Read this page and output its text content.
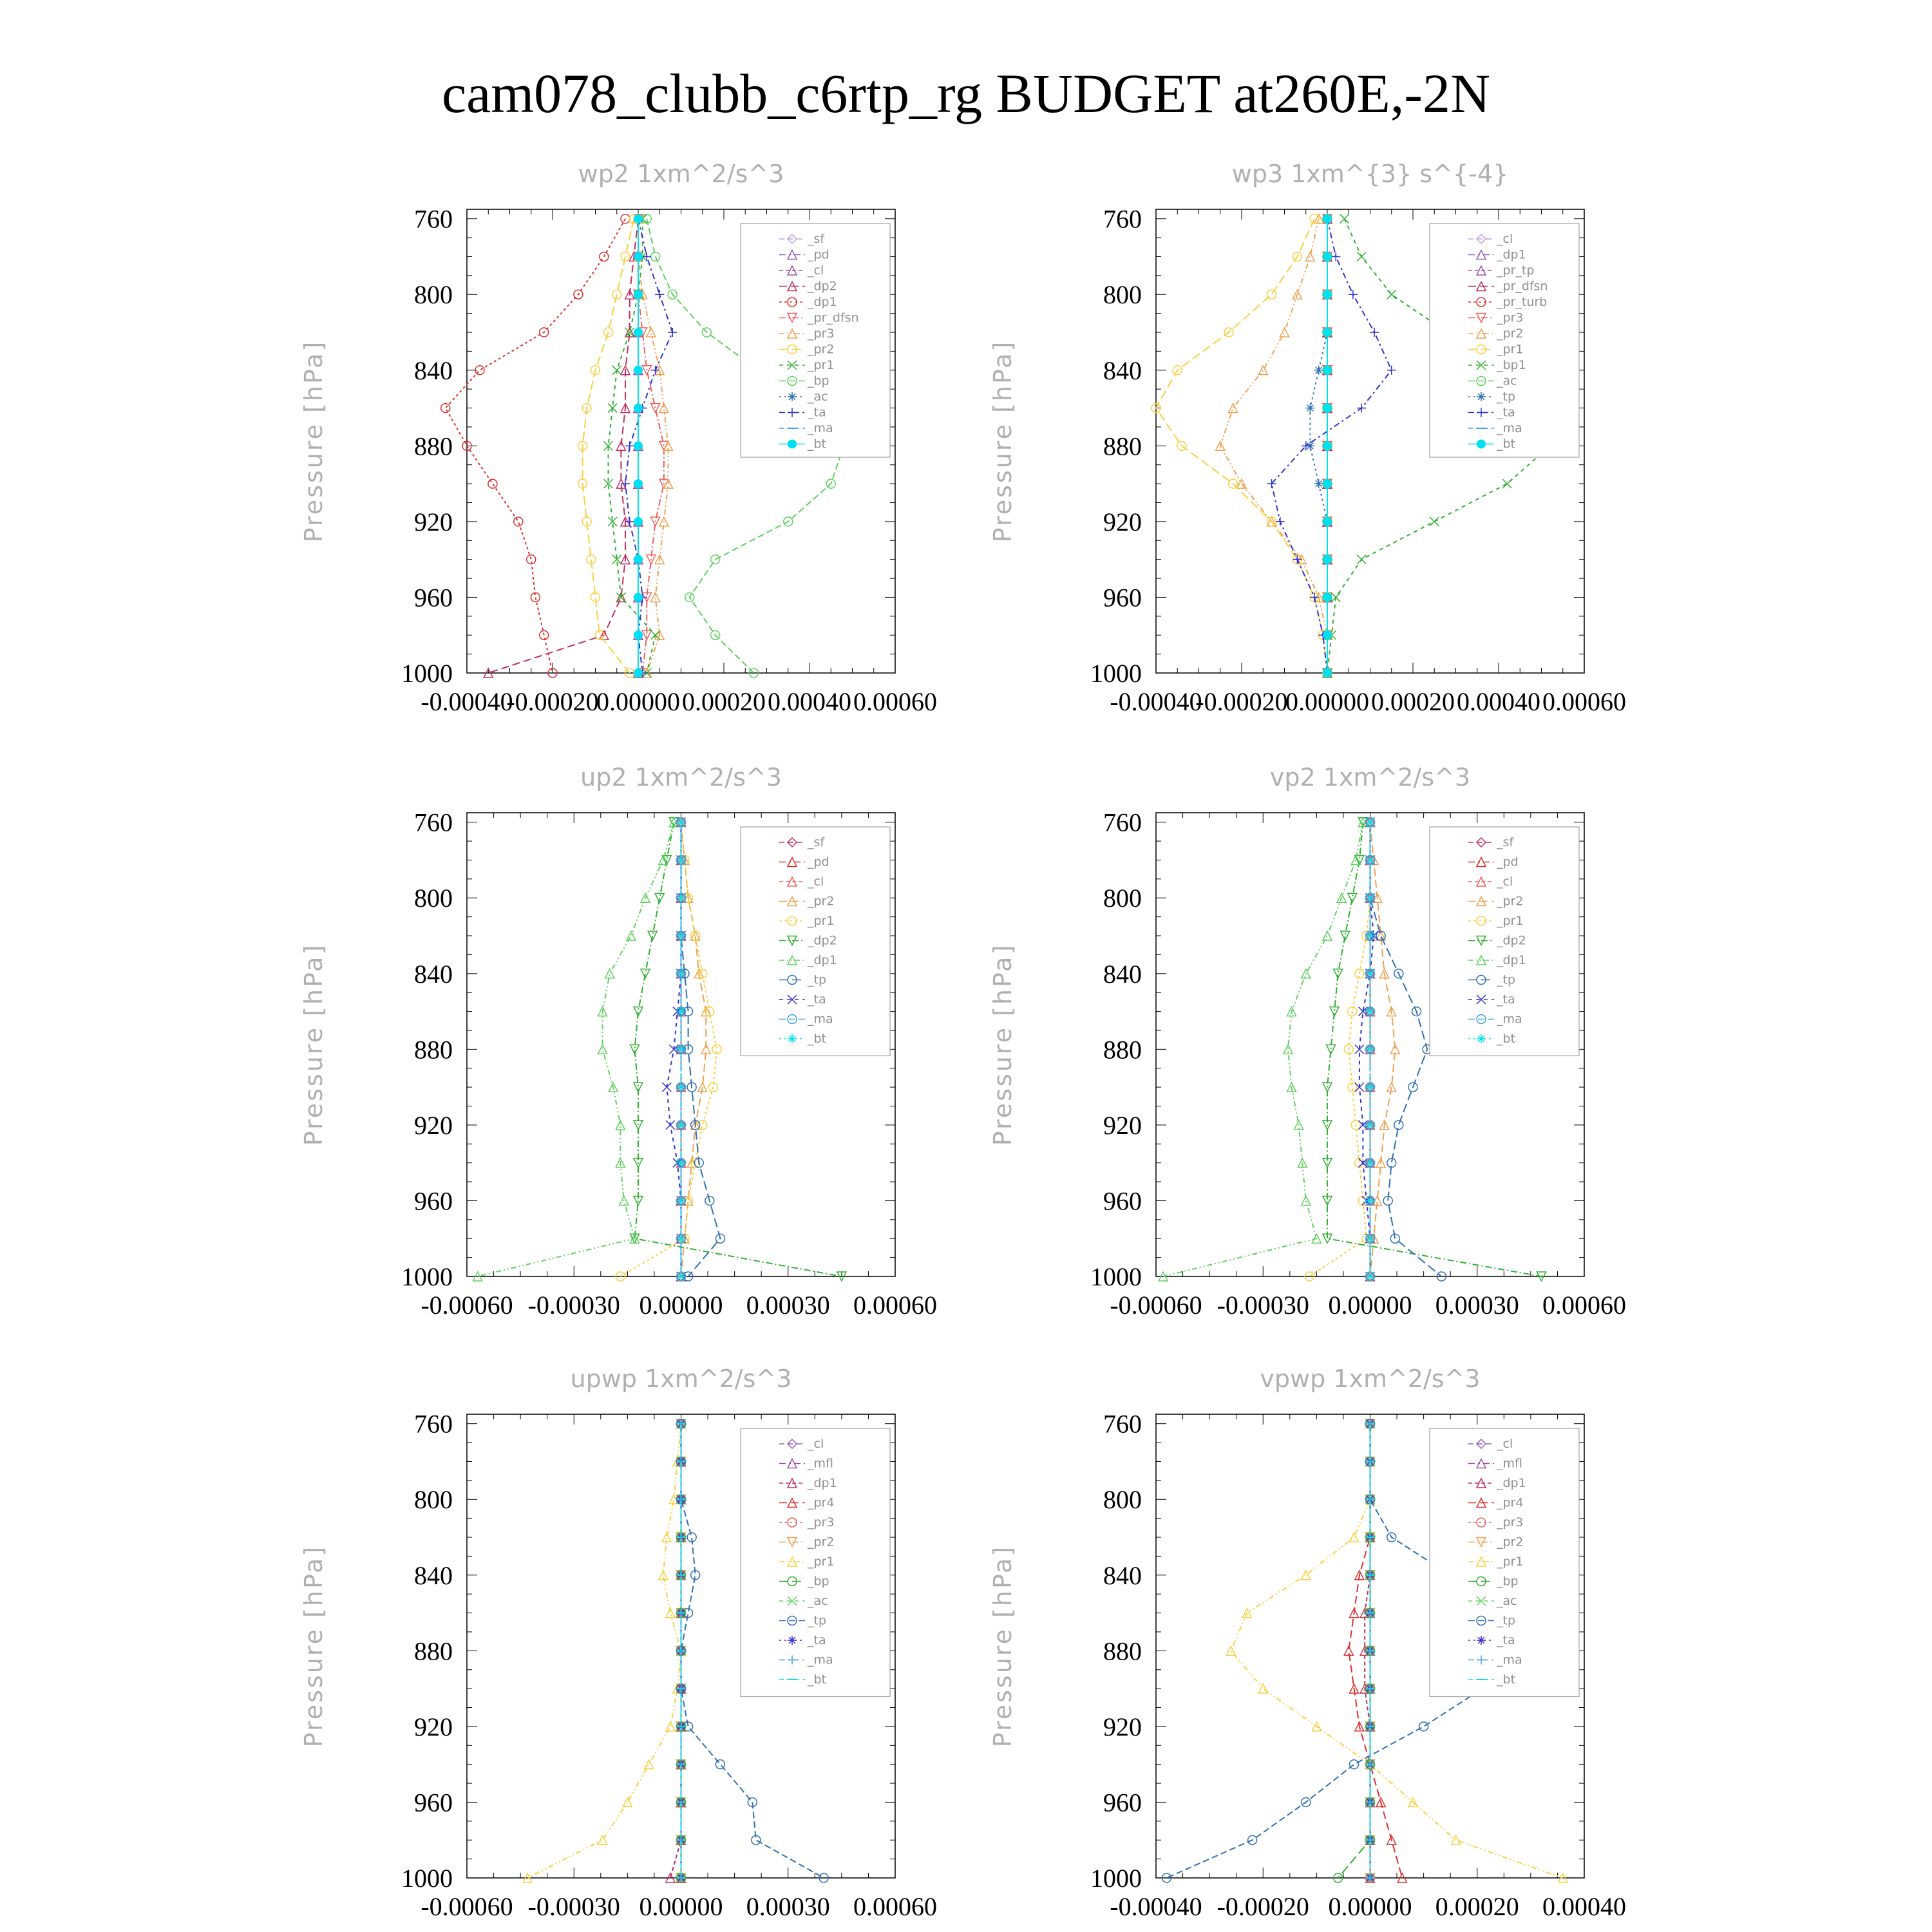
cam078_clubb_c6rtp_rg BUDGET at260E,-2N
wp2 1xm^2/s^3
Pressure [hPa]
760
800
840
880
920
960
1000
-0.00040
-0.00020
0.00000 0.00020 0.00040 0.00060
_sf
_pd
_cl
_dp2
_dp1
_pr_dfsn
_pr3
_pr2
_pr1
_bp
_ac
_ta
_ma
_bt
wp3 1xm^{3} s^{-4}
Pressure [hPa]
760
800
840
880
920
960
1000
-0.00040
-0.00020
0.00000 0.00020 0.00040 0.00060
_cl
_dp1
_pr_tp
_pr_dfsn
_pr_turb
_pr3
_pr2
_pr1
_bp1
_ac
_tp
_ta
_ma
_bt
up2 1xm^2/s^3
Pressure [hPa]
760
800
840
880
920
960
1000
-0.00060 -0.00030 0.00000 0.00030 0.00060
_sf
_pd
_cl
_pr2
_pr1
_dp2
_dp1
_tp
_ta
_ma
_bt
vp2 1xm^2/s^3
Pressure [hPa]
760
800
840
880
920
960
1000
-0.00060 -0.00030 0.00000 0.00030 0.00060
_sf
_pd
_cl
_pr2
_pr1
_dp2
_dp1
_tp
_ta
_ma
_bt
upwp 1xm^2/s^3
Pressure [hPa]
760
800
840
880
920
960
1000
-0.00060 -0.00030 0.00000 0.00030 0.00060
_cl
_mfl
_dp1
_pr4
_pr3
_pr2
_pr1
_bp
_ac
_tp
_ta
_ma
_bt
vpwp 1xm^2/s^3
Pressure [hPa]
760
800
840
880
920
960
1000
-0.00040 -0.00020 0.00000 0.00020 0.00040
_cl
_mfl
_dp1
_pr4
_pr3
_pr2
_pr1
_bp
_ac
_tp
_ta
_ma
_bt
